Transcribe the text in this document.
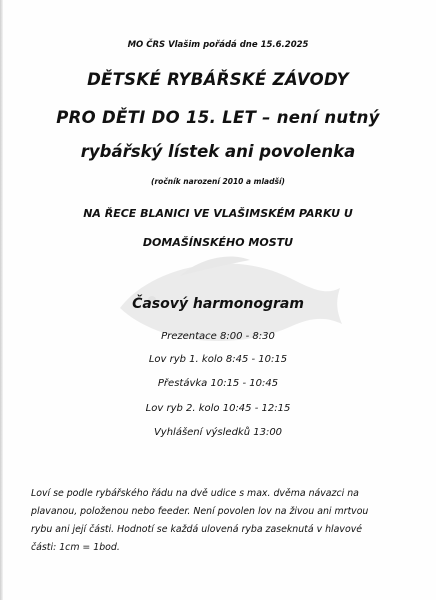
MO ČRS Vlašim pořádá dne 15.6.2025
DĚTSKÉ RYBÁŘSKÉ ZÁVODY
PRO DĚTI DO 15. LET – není nutný
rybářský lístek ani povolenka
(ročník narození 2010 a mladší)
NA ŘECE BLANICI VE VLAŠIMSKÉM PARKU U
DOMAŠÍNSKÉHO MOSTU
Časový harmonogram
Prezentace 8:00 - 8:30
Lov ryb 1. kolo 8:45 - 10:15
Přestávka 10:15 - 10:45
Lov ryb 2. kolo 10:45 - 12:15
Vyhlášení výsledků 13:00
Loví se podle rybářského řádu na dvě udice s max. dvěma návazci na
plavanou, položenou nebo feeder. Není povolen lov na živou ani mrtvou
rybu ani její části. Hodnotí se každá ulovená ryba zaseknutá v hlavové
části: 1cm = 1bod.
